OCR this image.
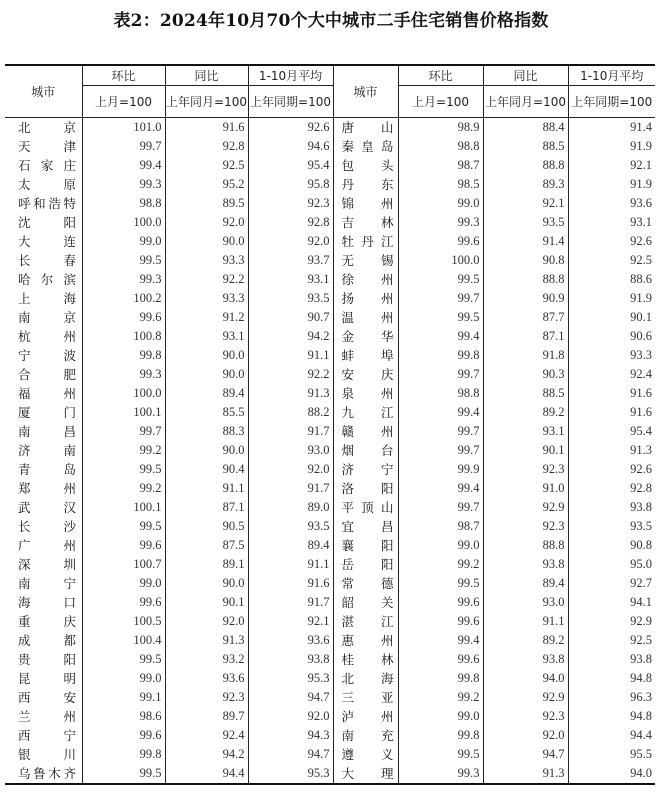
表2：2024年10月70个大中城市二手住宅销售价格指数
城市	环比	同比	1-10月平均	城市	环比	同比	1-10月平均
	上月=100	上年同月=100	上年同期=100		上月=100	上年同月=100	上年同期=100

北 京	101.0	91.6	92.6	唐 山	98.9	88.4	91.4

天 津	99.7	92.8	94.6	秦 皇 岛	98.8	88.5	91.9

石 家 庄	99.4	92.5	95.4	包 头	98.7	88.8	92.1

太 原	99.3	95.2	95.8	丹 东	98.5	89.3	91.9

呼和浩特	98.8	89.5	92.3	锦 州	99.0	92.1	93.6

沈 阳	100.0	92.0	92.8	吉 林	99.3	93.5	93.1

大 连	99.0	90.0	92.0	牡 丹 江	99.6	91.4	92.6

长 春	99.5	93.3	93.7	无 锡	100.0	90.8	92.5

哈 尔 滨	99.3	92.2	93.1	徐 州	99.5	88.8	88.6

上 海	100.2	93.3	93.5	扬 州	99.7	90.9	91.9

南 京	99.6	91.2	90.7	温 州	99.5	87.7	90.1

杭 州	100.8	93.1	94.2	金 华	99.4	87.1	90.6

宁 波	99.8	90.0	91.1	蚌 埠	99.8	91.8	93.3

合 肥	99.3	90.0	92.2	安 庆	99.7	90.3	92.4

福 州	100.0	89.4	91.3	泉 州	98.8	88.5	91.6

厦 门	100.1	85.5	88.2	九 江	99.4	89.2	91.6

南 昌	99.7	88.3	91.7	赣 州	99.7	93.1	95.4

济 南	99.2	90.0	93.0	烟 台	99.7	90.1	91.3

青 岛	99.5	90.4	92.0	济 宁	99.9	92.3	92.6

郑 州	99.2	91.1	91.7	洛 阳	99.4	91.0	92.8

武 汉	100.1	87.1	89.0	平 顶 山	99.7	92.9	93.8

长 沙	99.5	90.5	93.5	宜 昌	98.7	92.3	93.5

广 州	99.6	87.5	89.4	襄 阳	99.0	88.8	90.8

深 圳	100.7	89.1	91.1	岳 阳	99.2	93.8	95.0

南 宁	99.0	90.0	91.6	常 德	99.5	89.4	92.7

海 口	99.6	90.1	91.7	韶 关	99.6	93.0	94.1

重 庆	100.5	92.0	92.1	湛 江	99.6	91.1	92.9

成 都	100.4	91.3	93.6	惠 州	99.4	89.2	92.5

贵 阳	99.5	93.2	93.8	桂 林	99.6	93.8	93.8

昆 明	99.0	93.6	95.3	北 海	99.8	94.0	94.8

西 安	99.1	92.3	94.7	三 亚	99.2	92.9	96.3

兰 州	98.6	89.7	92.0	泸 州	99.0	92.3	94.8

西 宁	99.6	92.4	94.3	南 充	99.8	92.0	94.4

银 川	99.8	94.2	94.7	遵 义	99.5	94.7	95.5

乌鲁木齐	99.5	94.4	95.3	大 理	99.3	91.3	94.0
